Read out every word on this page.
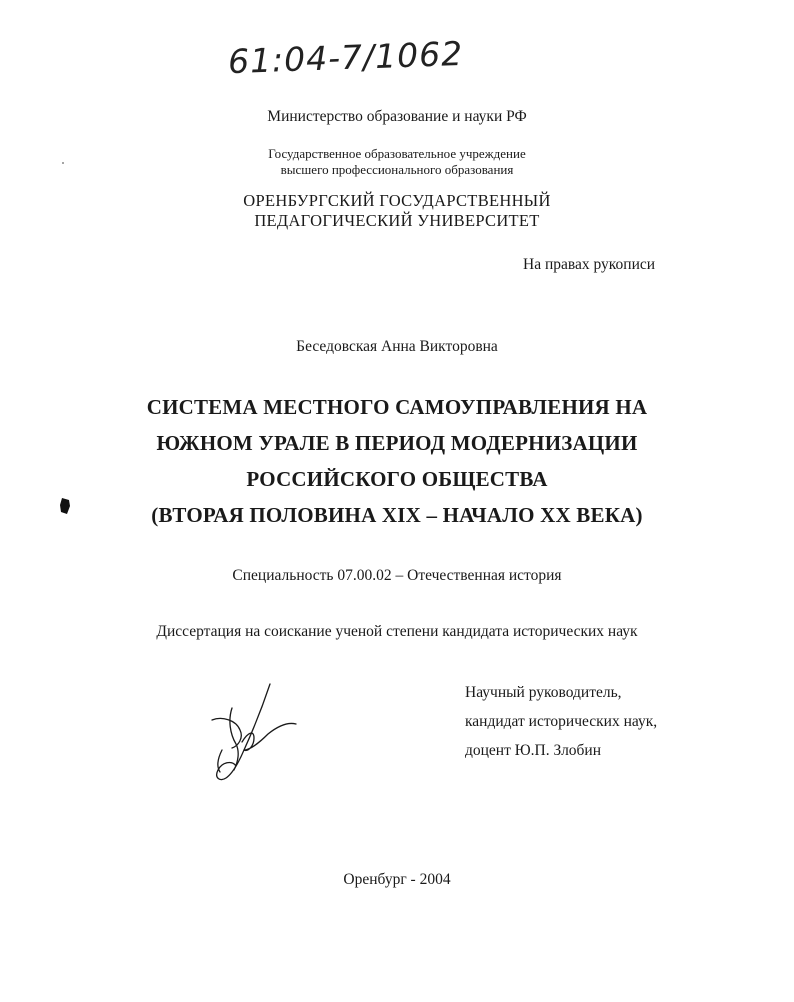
61:04-7/1062
Министерство образование и науки РФ
Государственное образовательное учреждение
высшего профессионального образования
ОРЕНБУРГСКИЙ ГОСУДАРСТВЕННЫЙ
ПЕДАГОГИЧЕСКИЙ УНИВЕРСИТЕТ
На правах рукописи
Беседовская Анна Викторовна
СИСТЕМА МЕСТНОГО САМОУПРАВЛЕНИЯ НА
ЮЖНОМ УРАЛЕ В ПЕРИОД МОДЕРНИЗАЦИИ
РОССИЙСКОГО ОБЩЕСТВА
(ВТОРАЯ ПОЛОВИНА XIX – НАЧАЛО XX ВЕКА)
Специальность 07.00.02 – Отечественная история
Диссертация на соискание ученой степени кандидата исторических наук
Научный руководитель,
кандидат исторических наук,
доцент Ю.П. Злобин
Оренбург - 2004
